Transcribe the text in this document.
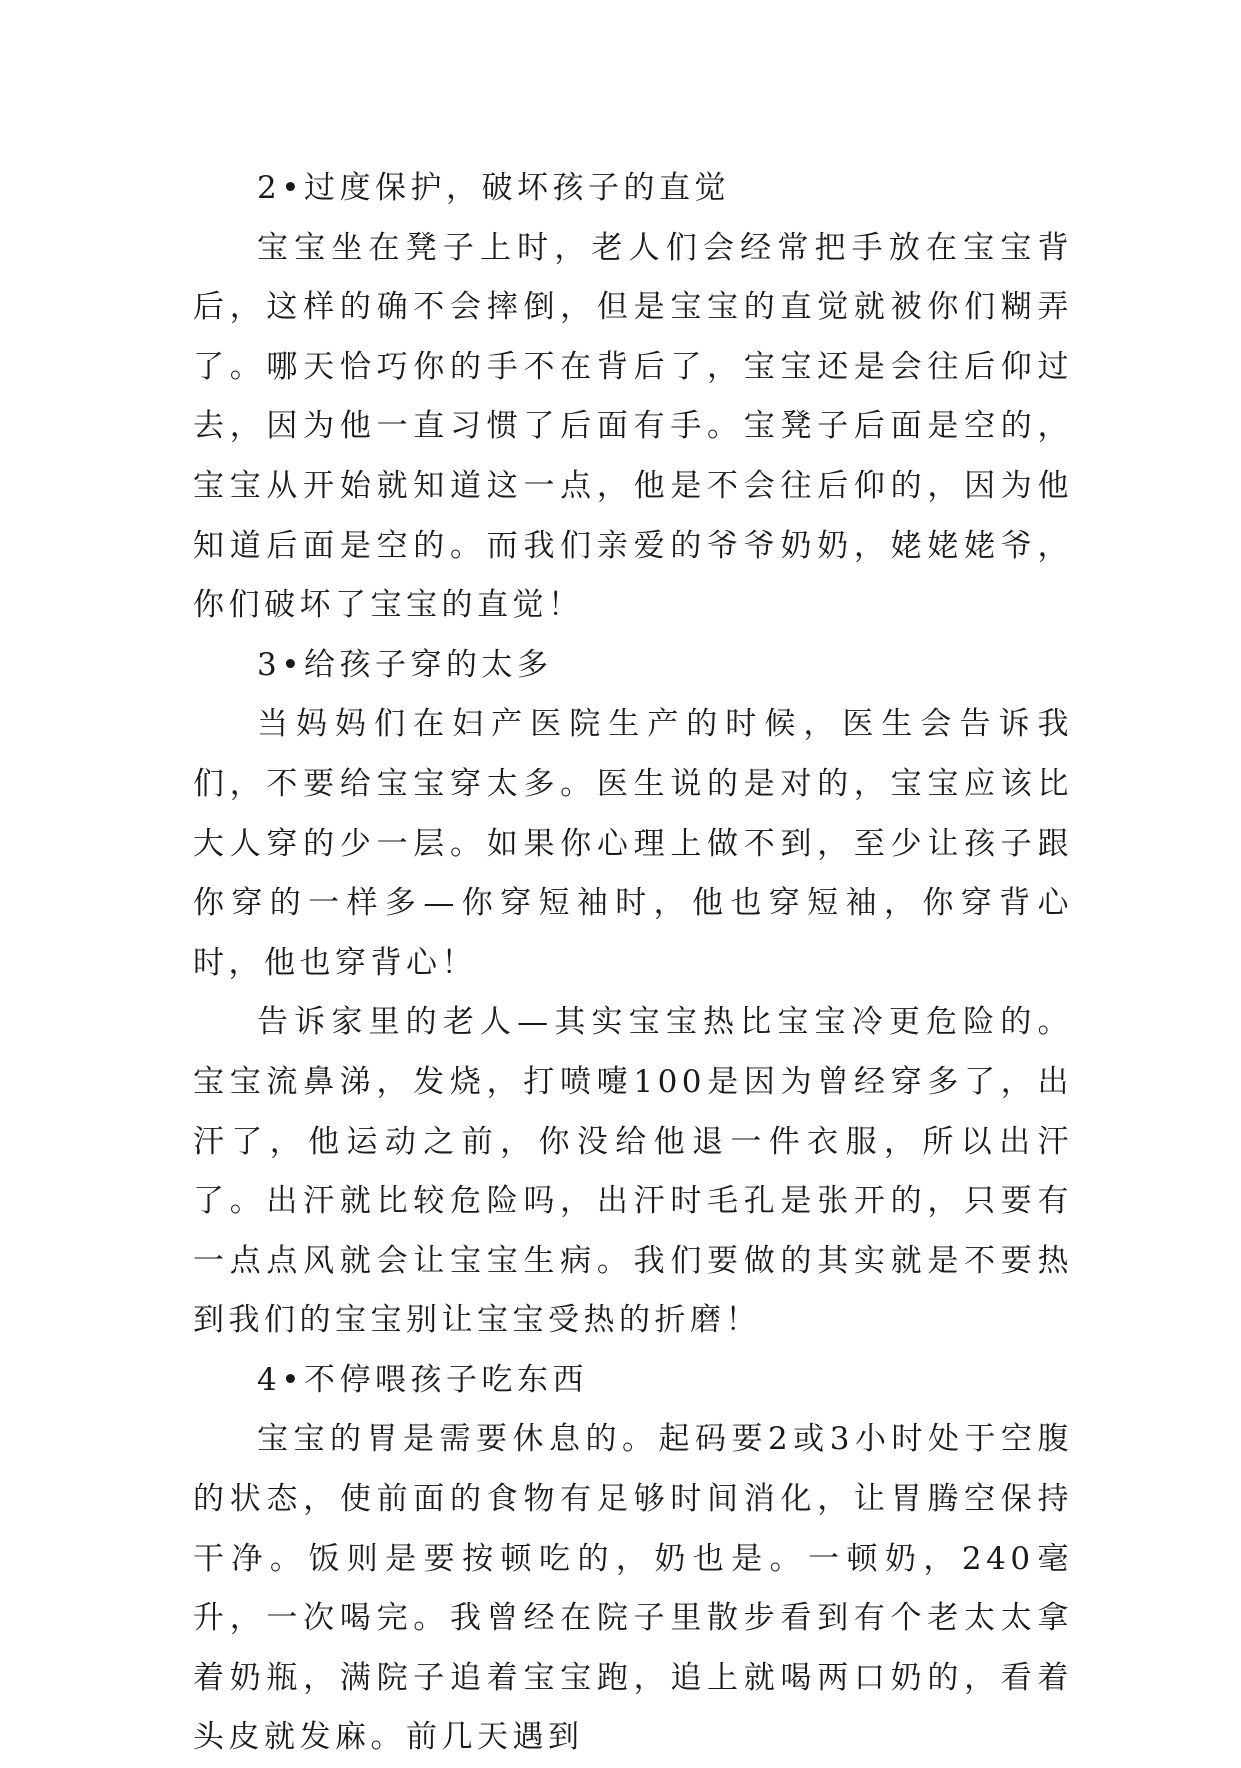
2•过度保护，破坏孩子的直觉

宝宝坐在凳子上时，老人们会经常把手放在宝宝背后，这样的确不会摔倒，但是宝宝的直觉就被你们糊弄了。哪天恰巧你的手不在背后了，宝宝还是会往后仰过去，因为他一直习惯了后面有手。宝凳子后面是空的，宝宝从开始就知道这一点，他是不会往后仰的，因为他知道后面是空的。而我们亲爱的爷爷奶奶，姥姥姥爷，你们破坏了宝宝的直觉！

3•给孩子穿的太多

当妈妈们在妇产医院生产的时候，医生会告诉我们，不要给宝宝穿太多。医生说的是对的，宝宝应该比大人穿的少一层。如果你心理上做不到，至少让孩子跟你穿的一样多—你穿短袖时，他也穿短袖，你穿背心时，他也穿背心！

告诉家里的老人—其实宝宝热比宝宝冷更危险的。宝宝流鼻涕，发烧，打喷嚏100是因为曾经穿多了，出汗了，他运动之前，你没给他退一件衣服，所以出汗了。出汗就比较危险吗，出汗时毛孔是张开的，只要有一点点风就会让宝宝生病。我们要做的其实就是不要热到我们的宝宝别让宝宝受热的折磨！

4•不停喂孩子吃东西

宝宝的胃是需要休息的。起码要2或3小时处于空腹的状态，使前面的食物有足够时间消化，让胃腾空保持干净。饭则是要按顿吃的，奶也是。一顿奶，240毫升，一次喝完。我曾经在院子里散步看到有个老太太拿着奶瓶，满院子追着宝宝跑，追上就喝两口奶的，看着头皮就发麻。前几天遇到
